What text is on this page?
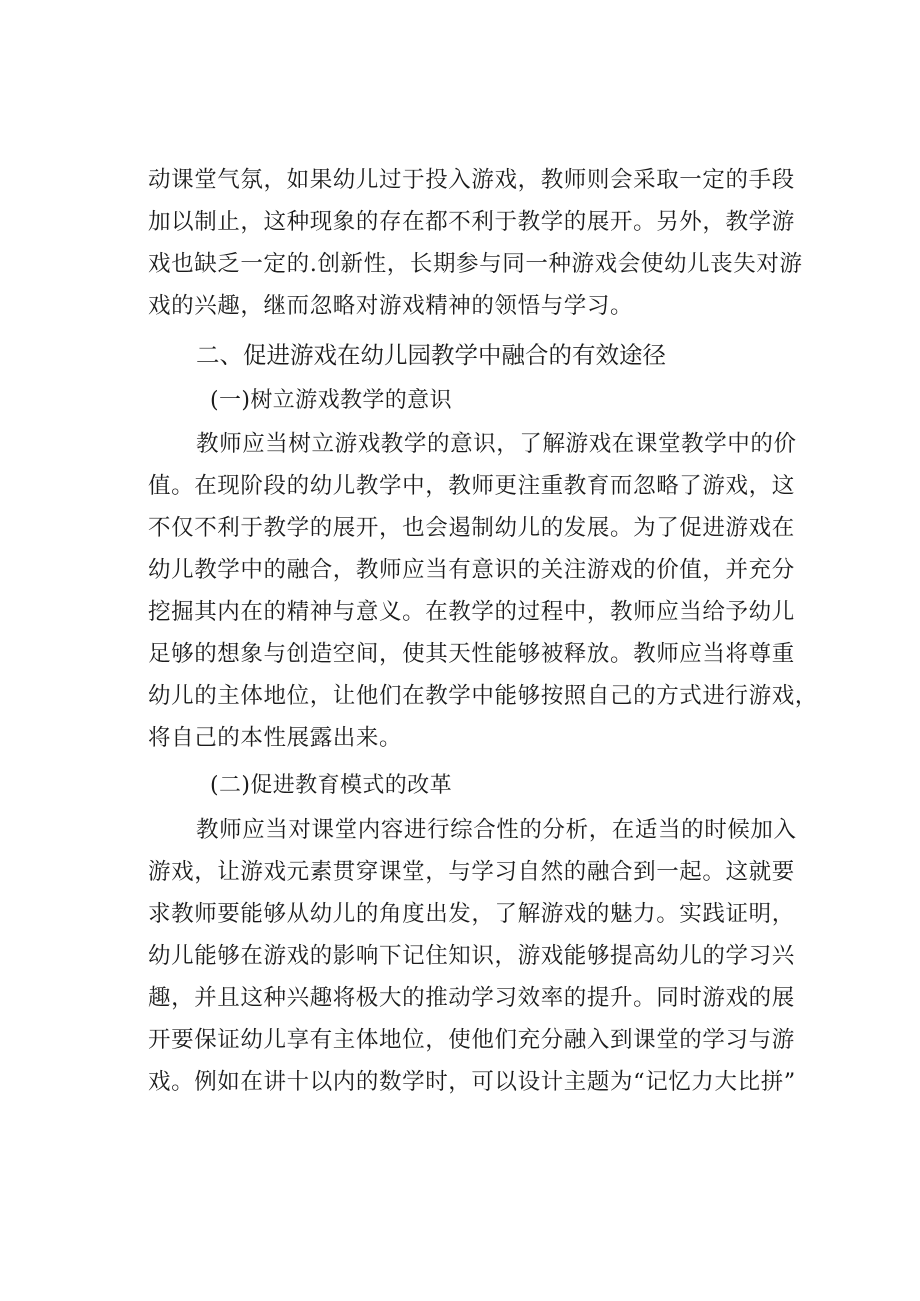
动课堂气氛，如果幼儿过于投入游戏，教师则会采取一定的手段
加以制止，这种现象的存在都不利于教学的展开。另外，教学游
戏也缺乏一定的.创新性，长期参与同一种游戏会使幼儿丧失对游
戏的兴趣，继而忽略对游戏精神的领悟与学习。
二、促进游戏在幼儿园教学中融合的有效途径
(一)树立游戏教学的意识
教师应当树立游戏教学的意识，了解游戏在课堂教学中的价
值。在现阶段的幼儿教学中，教师更注重教育而忽略了游戏，这
不仅不利于教学的展开，也会遏制幼儿的发展。为了促进游戏在
幼儿教学中的融合，教师应当有意识的关注游戏的价值，并充分
挖掘其内在的精神与意义。在教学的过程中，教师应当给予幼儿
足够的想象与创造空间，使其天性能够被释放。教师应当将尊重
幼儿的主体地位，让他们在教学中能够按照自己的方式进行游戏，
将自己的本性展露出来。
(二)促进教育模式的改革
教师应当对课堂内容进行综合性的分析，在适当的时候加入
游戏，让游戏元素贯穿课堂，与学习自然的融合到一起。这就要
求教师要能够从幼儿的角度出发，了解游戏的魅力。实践证明，
幼儿能够在游戏的影响下记住知识，游戏能够提高幼儿的学习兴
趣，并且这种兴趣将极大的推动学习效率的提升。同时游戏的展
开要保证幼儿享有主体地位，使他们充分融入到课堂的学习与游
戏。例如在讲十以内的数学时，可以设计主题为“记忆力大比拼”
